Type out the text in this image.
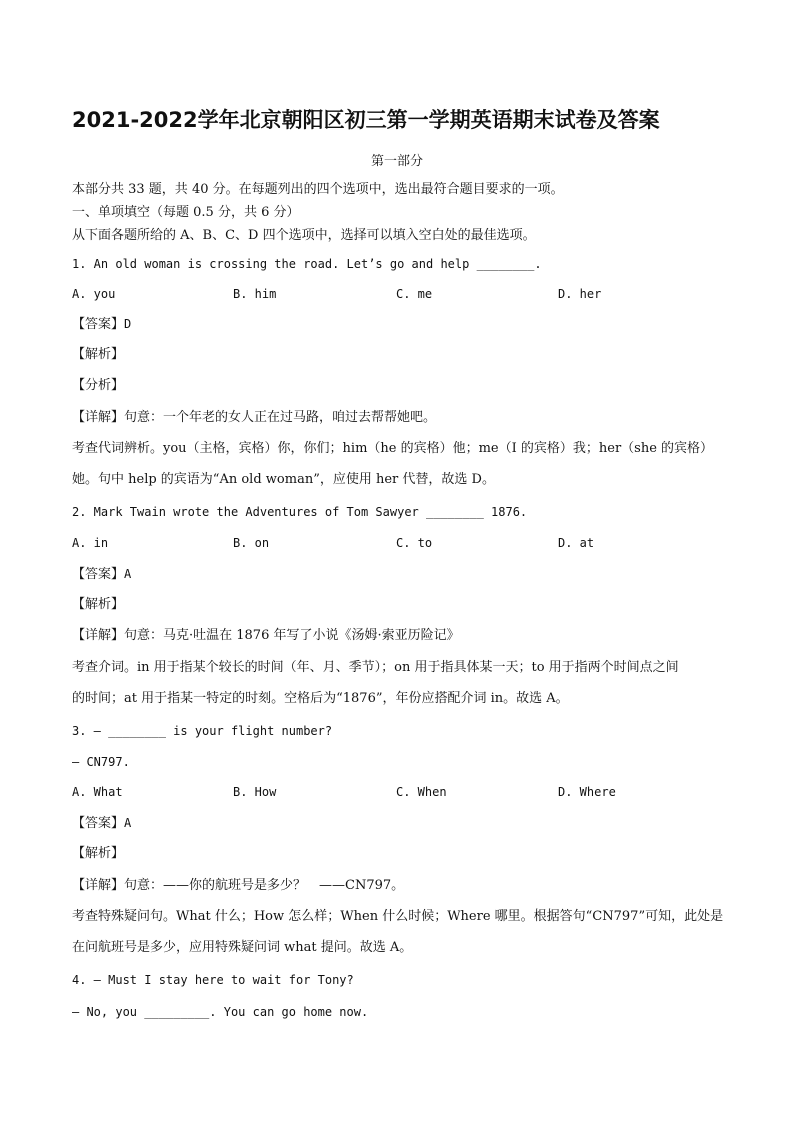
2021-2022学年北京朝阳区初三第一学期英语期末试卷及答案
第一部分
本部分共 33 题，共 40 分。在每题列出的四个选项中，选出最符合题目要求的一项。
一、单项填空（每题 0.5 分，共 6 分）
从下面各题所给的 A、B、C、D 四个选项中，选择可以填入空白处的最佳选项。
1. An old woman is crossing the road. Let’s go and help ________.
A. you	B. him	C. me	D. her
【答案】D
【解析】
【分析】
【详解】句意：一个年老的女人正在过马路，咱过去帮帮她吧。
考查代词辨析。you（主格，宾格）你，你们；him（he 的宾格）他；me（I 的宾格）我；her（she 的宾格）
她。句中 help 的宾语为“An old woman”，应使用 her 代替，故选 D。
2. Mark Twain wrote the Adventures of Tom Sawyer ________ 1876.
A. in	B. on	C. to	D. at
【答案】A
【解析】
【详解】句意：马克·吐温在 1876 年写了小说《汤姆·索亚历险记》
考查介词。in 用于指某个较长的时间（年、月、季节）；on 用于指具体某一天；to 用于指两个时间点之间
的时间；at 用于指某一特定的时刻。空格后为“1876”，年份应搭配介词 in。故选 A。
3. — ________ is your flight number?
— CN797.
A. What	B. How	C. When	D. Where
【答案】A
【解析】
【详解】句意：——你的航班号是多少？　——CN797。
考查特殊疑问句。What 什么；How 怎么样；When 什么时候；Where 哪里。根据答句“CN797”可知，此处是
在问航班号是多少，应用特殊疑问词 what 提问。故选 A。
4. — Must I stay here to wait for Tony?
— No, you _________. You can go home now.
